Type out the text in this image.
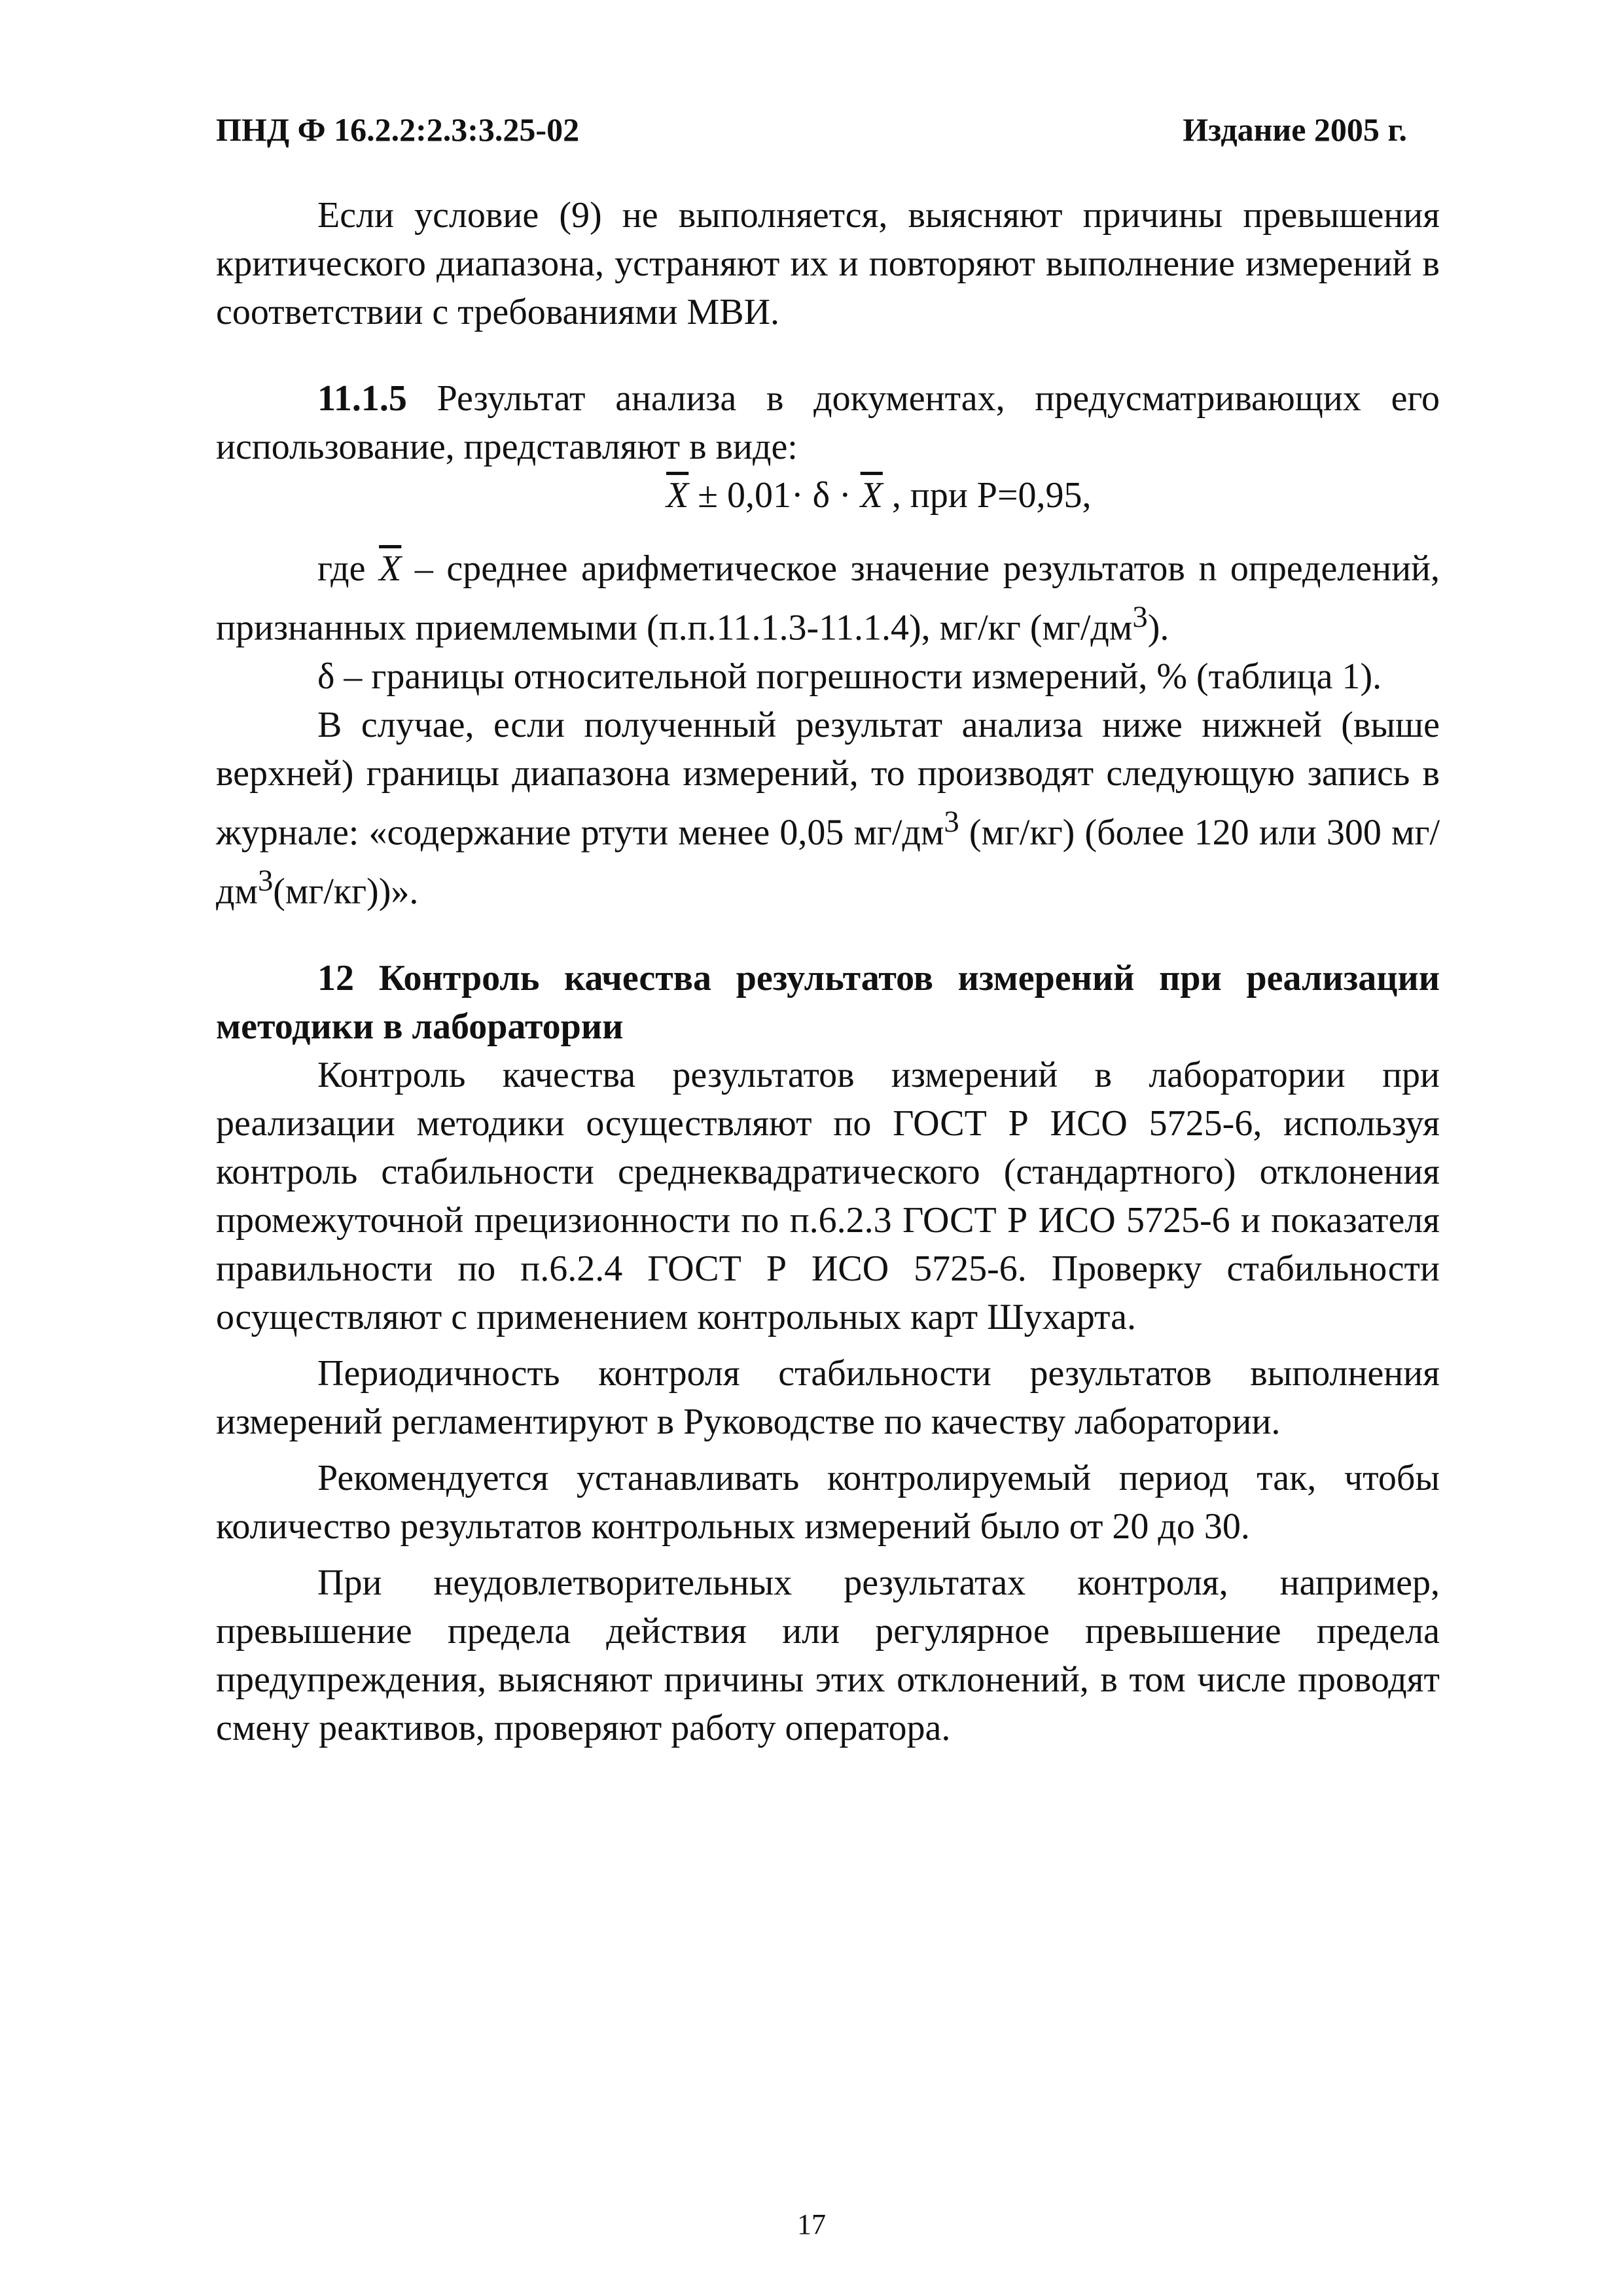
ПНД Ф 16.2.2:2.3:3.25-02	Издание 2005 г.

Если условие (9) не выполняется, выясняют причины превышения критического диапазона, устраняют их и повторяют выполнение измерений в соответствии с требованиями МВИ.

11.1.5 Результат анализа в документах, предусматривающих его использование, представляют в виде:

$\overline{X} \pm 0,01\cdot \delta \cdot \overline{X}$ , при Р=0,95,

где $\overline{X}$ – среднее арифметическое значение результатов n определений, признанных приемлемыми (п.п.11.1.3-11.1.4), мг/кг $(мг/дм^3)$.

δ – границы относительной погрешности измерений, % (таблица 1).

В случае, если полученный результат анализа ниже нижней (выше верхней) границы диапазона измерений, то производят следующую запись в журнале: «содержание ртути менее 0,05 $мг/дм^3$ (мг/кг) (более 120 или 300 $мг/дм^3(мг/кг)$)».

12 Контроль качества результатов измерений при реализации методики в лаборатории

Контроль качества результатов измерений в лаборатории при реализации методики осуществляют по ГОСТ Р ИСО 5725-6, используя контроль стабильности среднеквадратического (стандартного) отклонения промежуточной прецизионности по п.6.2.3 ГОСТ Р ИСО 5725-6 и показателя правильности по п.6.2.4 ГОСТ Р ИСО 5725-6. Проверку стабильности осуществляют с применением контрольных карт Шухарта.

Периодичность контроля стабильности результатов выполнения измерений регламентируют в Руководстве по качеству лаборатории.

Рекомендуется устанавливать контролируемый период так, чтобы количество результатов контрольных измерений было от 20 до 30.

При неудовлетворительных результатах контроля, например, превышение предела действия или регулярное превышение предела предупреждения, выясняют причины этих отклонений, в том числе проводят смену реактивов, проверяют работу оператора.

17
